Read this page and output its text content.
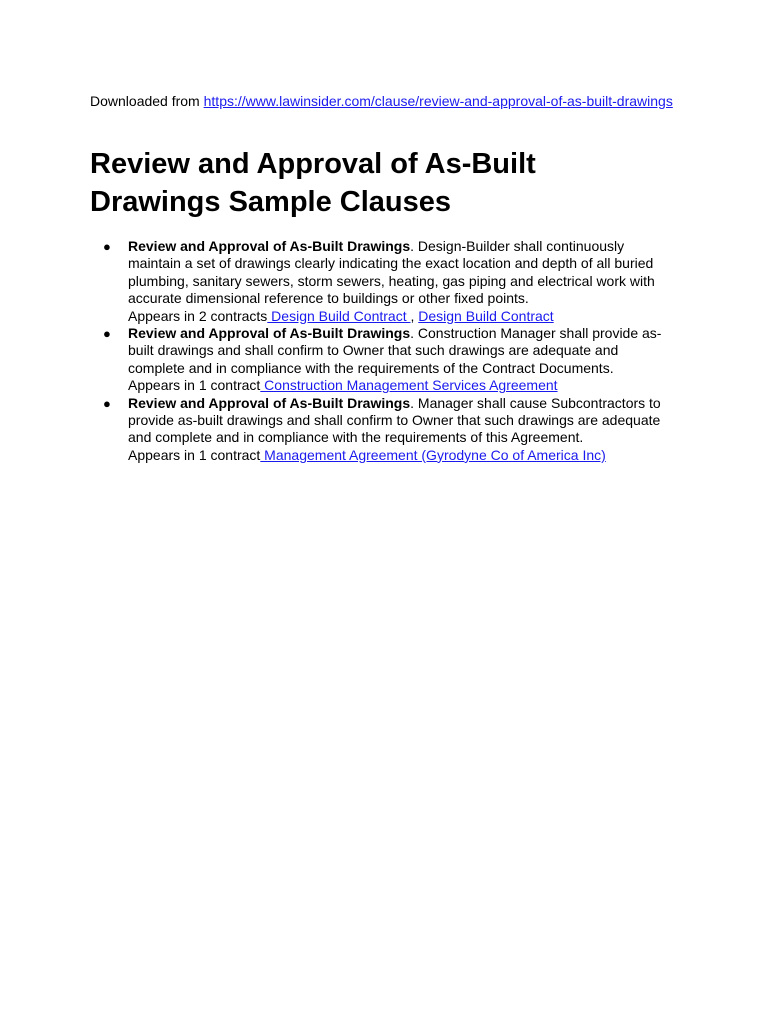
Downloaded from https://www.lawinsider.com/clause/review-and-approval-of-as-built-drawings
Review and Approval of As-Built Drawings Sample Clauses
● Review and Approval of As-Built Drawings. Design-Builder shall continuously maintain a set of drawings clearly indicating the exact location and depth of all buried plumbing, sanitary sewers, storm sewers, heating, gas piping and electrical work with accurate dimensional reference to buildings or other fixed points.
Appears in 2 contracts Design Build Contract , Design Build Contract
● Review and Approval of As-Built Drawings. Construction Manager shall provide as-built drawings and shall confirm to Owner that such drawings are adequate and complete and in compliance with the requirements of the Contract Documents.
Appears in 1 contract Construction Management Services Agreement
● Review and Approval of As-Built Drawings. Manager shall cause Subcontractors to provide as-built drawings and shall confirm to Owner that such drawings are adequate and complete and in compliance with the requirements of this Agreement.
Appears in 1 contract Management Agreement (Gyrodyne Co of America Inc)
